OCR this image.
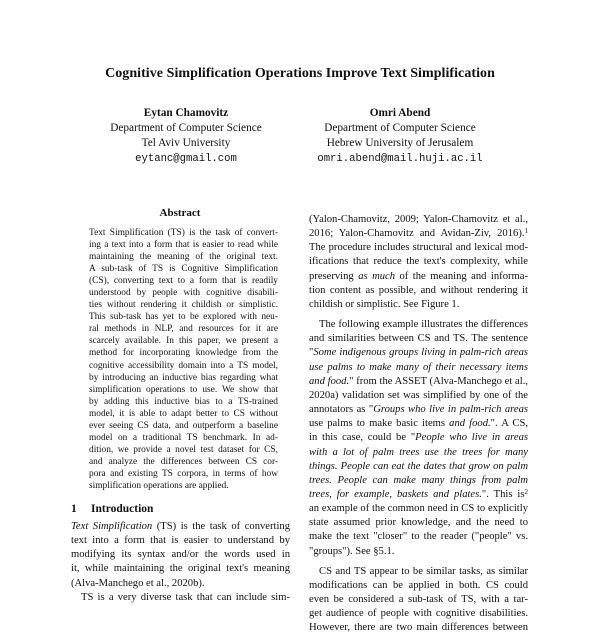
Cognitive Simplification Operations Improve Text Simplification
Eytan Chamovitz
Department of Computer Science
Tel Aviv University
eytanc@gmail.com
Omri Abend
Department of Computer Science
Hebrew University of Jerusalem
omri.abend@mail.huji.ac.il
Abstract
Text Simplification (TS) is the task of convert-
ing a text into a form that is easier to read while
maintaining the meaning of the original text.
A sub-task of TS is Cognitive Simplification
(CS), converting text to a form that is readily
understood by people with cognitive disabili-
ties without rendering it childish or simplistic.
This sub-task has yet to be explored with neu-
ral methods in NLP, and resources for it are
scarcely available. In this paper, we present a
method for incorporating knowledge from the
cognitive accessibility domain into a TS model,
by introducing an inductive bias regarding what
simplification operations to use. We show that
by adding this inductive bias to a TS-trained
model, it is able to adapt better to CS without
ever seeing CS data, and outperform a baseline
model on a traditional TS benchmark. In ad-
dition, we provide a novel test dataset for CS,
and analyze the differences between CS cor-
pora and existing TS corpora, in terms of how
simplification operations are applied.
1 Introduction
Text Simplification (TS) is the task of converting
text into a form that is easier to understand by
modifying its syntax and/or the words used in
it, while maintaining the original text's meaning
(Alva-Manchego et al., 2020b).
TS is a very diverse task that can include sim-
(Yalon-Chamovitz, 2009; Yalon-Chamovitz et al.,
2016; Yalon-Chamovitz and Avidan-Ziv, 2016).$^1$
The procedure includes structural and lexical mod-
ifications that reduce the text's complexity, while
preserving as much of the meaning and informa-
tion content as possible, and without rendering it
childish or simplistic. See Figure 1.
The following example illustrates the differences
and similarities between CS and TS. The sentence
"Some indigenous groups living in palm-rich areas
use palms to make many of their necessary items
and food." from the ASSET (Alva-Manchego et al.,
2020a) validation set was simplified by one of the
annotators as "Groups who live in palm-rich areas
use palms to make basic items and food.". A CS,
in this case, could be "People who live in areas
with a lot of palm trees use the trees for many
things. People can eat the dates that grow on palm
trees. People can make many things from palm
trees, for example, baskets and plates.". This $is^2$
an example of the common need in CS to explicitly
state assumed prior knowledge, and the need to
make the text "closer" to the reader ("people" vs.
"groups"). See §5.1.
CS and TS appear to be similar tasks, as similar
modifications can be applied in both. CS could
even be considered a sub-task of TS, with a tar-
get audience of people with cognitive disabilities.
However, there are two main differences between
